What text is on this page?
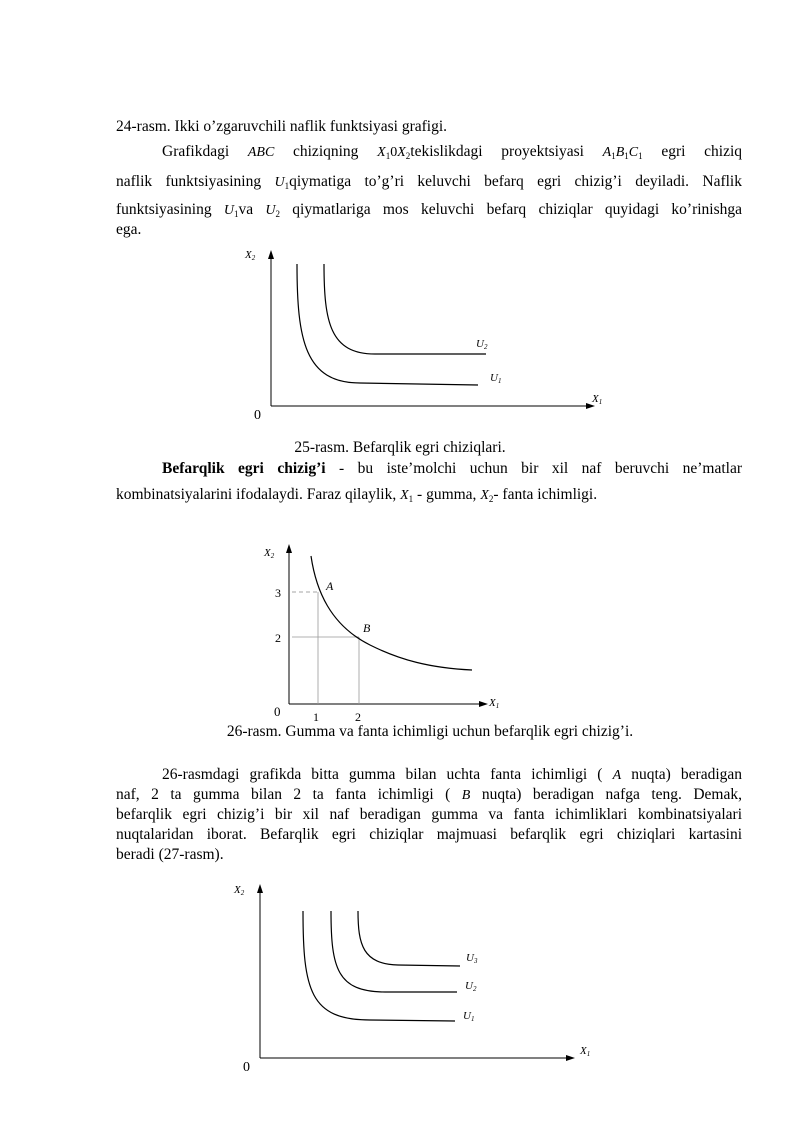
24-rasm. Ikki o’zgaruvchili naflik funktsiyasi grafigi.
Grafikdagi ABC chiziqning $X_10X_2tekislikdagi$ proyektsiyasi $A_1B_1C_1$ egri chiziq
naflik funktsiyasining $U_1qiymatiga$ to’g’ri keluvchi befarq egri chizig’i deyiladi. Naflik
funktsiyasining $U_1va$ $U_2$ qiymatlariga mos keluvchi befarq chiziqlar quyidagi ko’rinishga
ega.
X2
X1
0
U2
U1
25-rasm. Befarqlik egri chiziqlari.
Befarqlik egri chizig’i - bu iste’molchi uchun bir xil naf beruvchi ne’matlar
kombinatsiyalarini ifodalaydi. Faraz qilaylik, $X_1$ - gumma, $X_2-$ fanta ichimligi.
X2
X1
0
3
2
1	2
A
B
26-rasm. Gumma va fanta ichimligi uchun befarqlik egri chizig’i.
26-rasmdagi grafikda bitta gumma bilan uchta fanta ichimligi ( A nuqta) beradigan
naf, 2 ta gumma bilan 2 ta fanta ichimligi ( B nuqta) beradigan nafga teng. Demak,
befarqlik egri chizig’i bir xil naf beradigan gumma va fanta ichimliklari kombinatsiyalari
nuqtalaridan iborat. Befarqlik egri chiziqlar majmuasi befarqlik egri chiziqlari kartasini
beradi (27-rasm).
X2
X1
0
U3
U2
U1
